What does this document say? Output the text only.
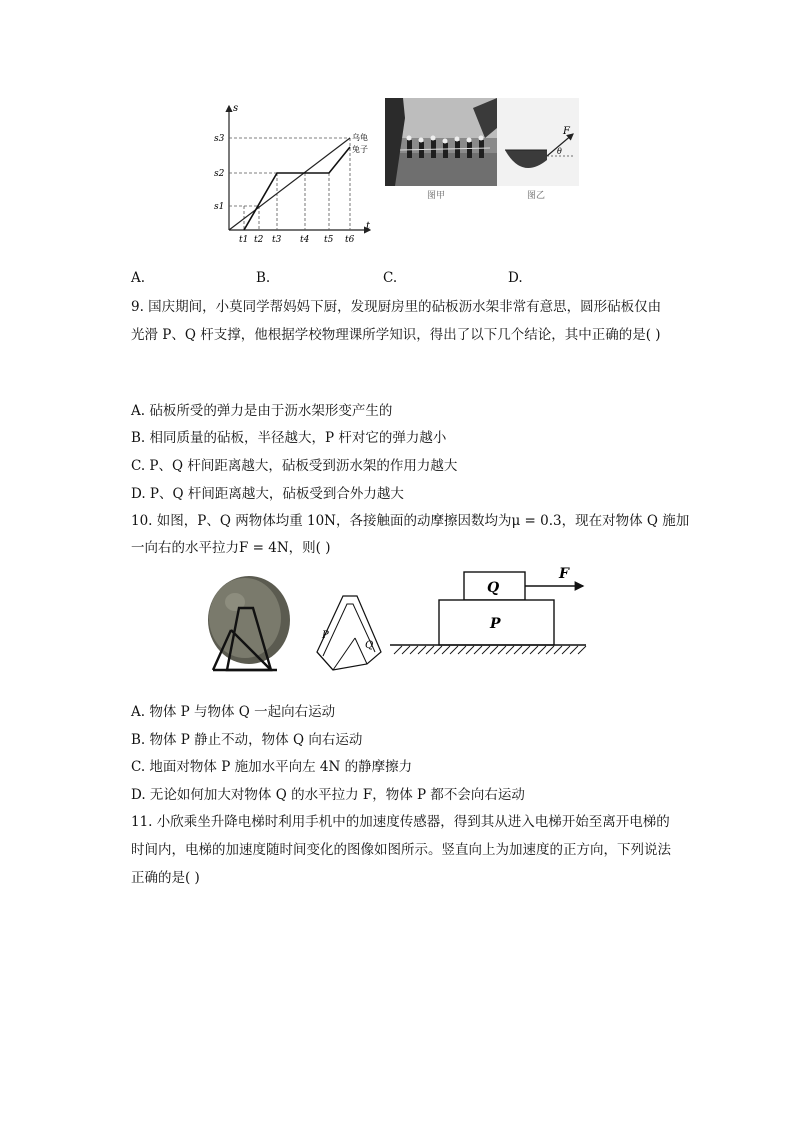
s
t
s3
s2
s1
t1 t2 t3 t4 t5 t6
乌龟
兔子
图甲
F
θ
图乙
A.	B.	C.	D.
9. 国庆期间，小莫同学帮妈妈下厨，发现厨房里的砧板沥水架非常有意思，圆形砧板仅由
光滑 P、Q 杆支撑，他根据学校物理课所学知识，得出了以下几个结论，其中正确的是( )
A. 砧板所受的弹力是由于沥水架形变产生的
B. 相同质量的砧板，半径越大，P 杆对它的弹力越小
C. P、Q 杆间距离越大，砧板受到沥水架的作用力越大
D. P、Q 杆间距离越大，砧板受到合外力越大
10. 如图，P、Q 两物体均重 10N，各接触面的动摩擦因数均为μ = 0.3，现在对物体 Q 施加
一向右的水平拉力F = 4N，则( )
P
Q
Q
P
F
A. 物体 P 与物体 Q 一起向右运动
B. 物体 P 静止不动，物体 Q 向右运动
C. 地面对物体 P 施加水平向左 4N 的静摩擦力
D. 无论如何加大对物体 Q 的水平拉力 F，物体 P 都不会向右运动
11. 小欣乘坐升降电梯时利用手机中的加速度传感器，得到其从进入电梯开始至离开电梯的
时间内，电梯的加速度随时间变化的图像如图所示。竖直向上为加速度的正方向，下列说法
正确的是( )
